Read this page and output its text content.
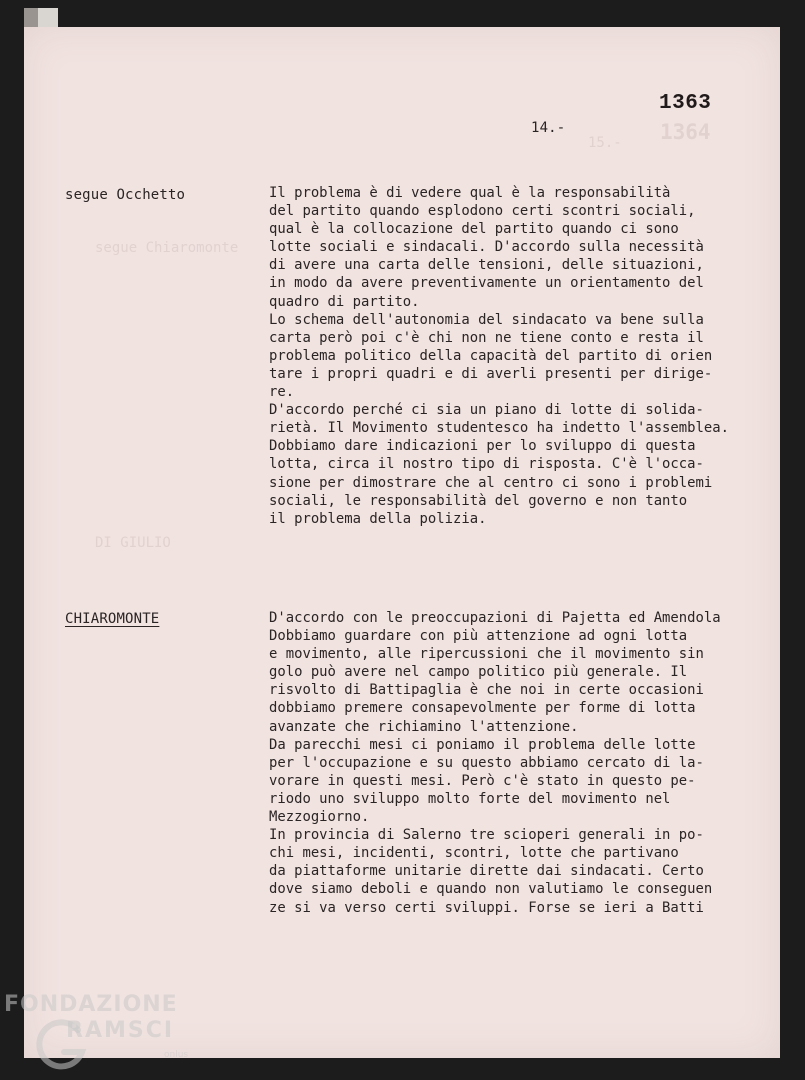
1364
15.-
segue Chiaromonte
DI GIULIO
1363
14.-
segue Occhetto	Il problema è di vedere qual è la responsabilità
del partito quando esplodono certi scontri sociali,
qual è la collocazione del partito quando ci sono
lotte sociali e sindacali. D'accordo sulla necessità
di avere una carta delle tensioni, delle situazioni,
in modo da avere preventivamente un orientamento del
quadro di partito.
Lo schema dell'autonomia del sindacato va bene sulla
carta però poi c'è chi non ne tiene conto e resta il
problema politico della capacità del partito di orien
tare i propri quadri e di averli presenti per dirige-
re.
D'accordo perché ci sia un piano di lotte di solida-
rietà. Il Movimento studentesco ha indetto l'assemblea.
Dobbiamo dare indicazioni per lo sviluppo di questa
lotta, circa il nostro tipo di risposta. C'è l'occa-
sione per dimostrare che al centro ci sono i problemi
sociali, le responsabilità del governo e non tanto
il problema della polizia.
CHIAROMONTE	D'accordo con le preoccupazioni di Pajetta ed Amendola
Dobbiamo guardare con più attenzione ad ogni lotta
e movimento, alle ripercussioni che il movimento sin
golo può avere nel campo politico più generale. Il
risvolto di Battipaglia è che noi in certe occasioni
dobbiamo premere consapevolmente per forme di lotta
avanzate che richiamino l'attenzione.
Da parecchi mesi ci poniamo il problema delle lotte
per l'occupazione e su questo abbiamo cercato di la-
vorare in questi mesi. Però c'è stato in questo pe-
riodo uno sviluppo molto forte del movimento nel
Mezzogiorno.
In provincia di Salerno tre scioperi generali in po-
chi mesi, incidenti, scontri, lotte che partivano
da piattaforme unitarie dirette dai sindacati. Certo
dove siamo deboli e quando non valutiamo le conseguen
ze si va verso certi sviluppi. Forse se ieri a Batti
FONDAZIONE
RAMSCI
onlus
